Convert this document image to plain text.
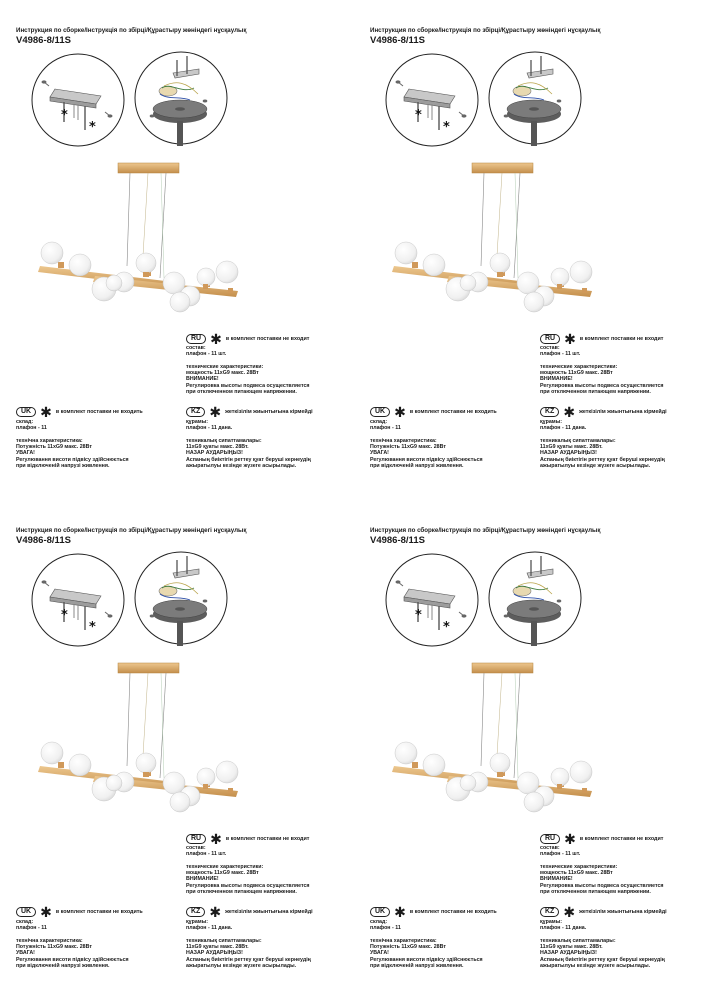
Инструкция по сборке/Інструкція по збірці/Құрастыру жөніндегі нұсқаулық
V4986-8/11S
*
*
RU ✱ в комплект поставки не входит
состав:
плафон - 11 шт.
технические характеристики:
мощность 11xG9 макс. 28Вт
ВНИМАНИЕ!
Регулировка высоты подвеса осуществляется
при отключенном питающем напряжении.
UK ✱ в комплект поставки не входить
склад:
плафон - 11
технічна характеристика:
Потужність 11xG9 макс. 28Вт
УВАГА!
Регулювання висоти підвісу здійснюється
при відключеній напрузі живлення.
KZ ✱ жеткізілім жиынтығына кірмейді
құрамы:
плафон - 11 дана.
техникалық сипаттамалары:
11xG9 қуаты макс. 28Вт.
НАЗАР АУДАРЫҢЫЗ!
Аспаның биіктігін реттеу қуат беруші кернеудің
ажыратылуы кезінде жүзеге асырылады.
Инструкция по сборке/Інструкція по збірці/Құрастыру жөніндегі нұсқаулық
V4986-8/11S
*
*
RU ✱ в комплект поставки не входит
состав:
плафон - 11 шт.
технические характеристики:
мощность 11xG9 макс. 28Вт
ВНИМАНИЕ!
Регулировка высоты подвеса осуществляется
при отключенном питающем напряжении.
UK ✱ в комплект поставки не входить
склад:
плафон - 11
технічна характеристика:
Потужність 11xG9 макс. 28Вт
УВАГА!
Регулювання висоти підвісу здійснюється
при відключеній напрузі живлення.
KZ ✱ жеткізілім жиынтығына кірмейді
құрамы:
плафон - 11 дана.
техникалық сипаттамалары:
11xG9 қуаты макс. 28Вт.
НАЗАР АУДАРЫҢЫЗ!
Аспаның биіктігін реттеу қуат беруші кернеудің
ажыратылуы кезінде жүзеге асырылады.
Инструкция по сборке/Інструкція по збірці/Құрастыру жөніндегі нұсқаулық
V4986-8/11S
*
*
RU ✱ в комплект поставки не входит
состав:
плафон - 11 шт.
технические характеристики:
мощность 11xG9 макс. 28Вт
ВНИМАНИЕ!
Регулировка высоты подвеса осуществляется
при отключенном питающем напряжении.
UK ✱ в комплект поставки не входить
склад:
плафон - 11
технічна характеристика:
Потужність 11xG9 макс. 28Вт
УВАГА!
Регулювання висоти підвісу здійснюється
при відключеній напрузі живлення.
KZ ✱ жеткізілім жиынтығына кірмейді
құрамы:
плафон - 11 дана.
техникалық сипаттамалары:
11xG9 қуаты макс. 28Вт.
НАЗАР АУДАРЫҢЫЗ!
Аспаның биіктігін реттеу қуат беруші кернеудің
ажыратылуы кезінде жүзеге асырылады.
Инструкция по сборке/Інструкція по збірці/Құрастыру жөніндегі нұсқаулық
V4986-8/11S
*
*
RU ✱ в комплект поставки не входит
состав:
плафон - 11 шт.
технические характеристики:
мощность 11xG9 макс. 28Вт
ВНИМАНИЕ!
Регулировка высоты подвеса осуществляется
при отключенном питающем напряжении.
UK ✱ в комплект поставки не входить
склад:
плафон - 11
технічна характеристика:
Потужність 11xG9 макс. 28Вт
УВАГА!
Регулювання висоти підвісу здійснюється
при відключеній напрузі живлення.
KZ ✱ жеткізілім жиынтығына кірмейді
құрамы:
плафон - 11 дана.
техникалық сипаттамалары:
11xG9 қуаты макс. 28Вт.
НАЗАР АУДАРЫҢЫЗ!
Аспаның биіктігін реттеу қуат беруші кернеудің
ажыратылуы кезінде жүзеге асырылады.
